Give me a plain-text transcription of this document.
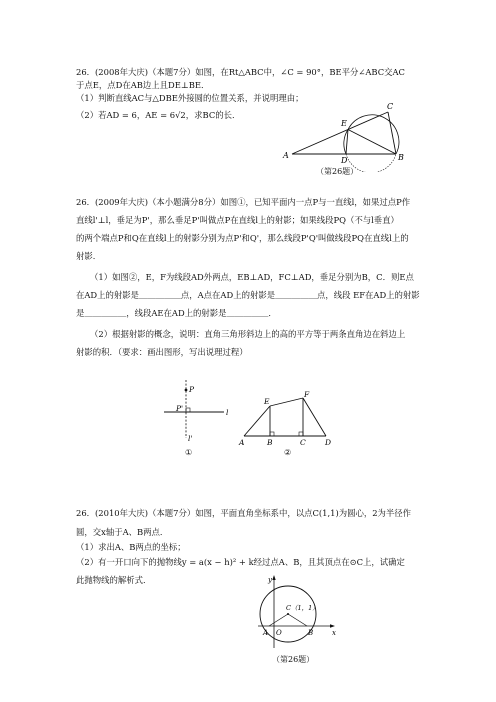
26．(2008年大庆)（本题7分）如图，在Rt△ABC中，∠C = 90°，BE平分∠ABC交AC

于点E，点D在AB边上且DE⊥BE．

（1）判断直线AC与△DBE外接圆的位置关系，并说明理由；

（2）若AD = 6，AE = 6√2，求BC的长．

A	B
C
E
D
（第26题）

26．(2009年大庆)（本小题满分8分）如图①，已知平面内一点P与一直线l，如果过点P作

直线l'⊥l，垂足为P'，那么垂足P'叫做点P在直线l上的射影；如果线段PQ（不与l垂直）

的两个端点P和Q在直线l上的射影分别为点P'和Q'，那么线段P'Q'叫做线段PQ在直线l上的

射影．

（1）如图②，E，F为线段AD外两点，EB⊥AD，FC⊥AD，垂足分别为B，C．则E点

在AD上的射影是＿＿＿＿＿点，A点在AD上的射影是＿＿＿＿＿点，线段 EF在AD上的射影

是＿＿＿＿＿，线段AE在AD上的射影是＿＿＿＿＿．

（2）根据射影的概念，说明：直角三角形斜边上的高的平方等于两条直角边在斜边上

射影的积．（要求：画出图形，写出说理过程）

P
P'	l
l'
①
A	B	C	D
E
F
②

26．(2010年大庆)（本题7分）如图，平面直角坐标系中，以点C(1,1)为圆心，2为半径作

圆，交x轴于A、B两点．

（1）求出A、B两点的坐标；

（2）有一开口向下的抛物线y = a(x − h)² + k经过点A、B，且其顶点在⊙C上，试确定

此抛物线的解析式．	y
x
C（1，1）
A O	B
（第26题）
